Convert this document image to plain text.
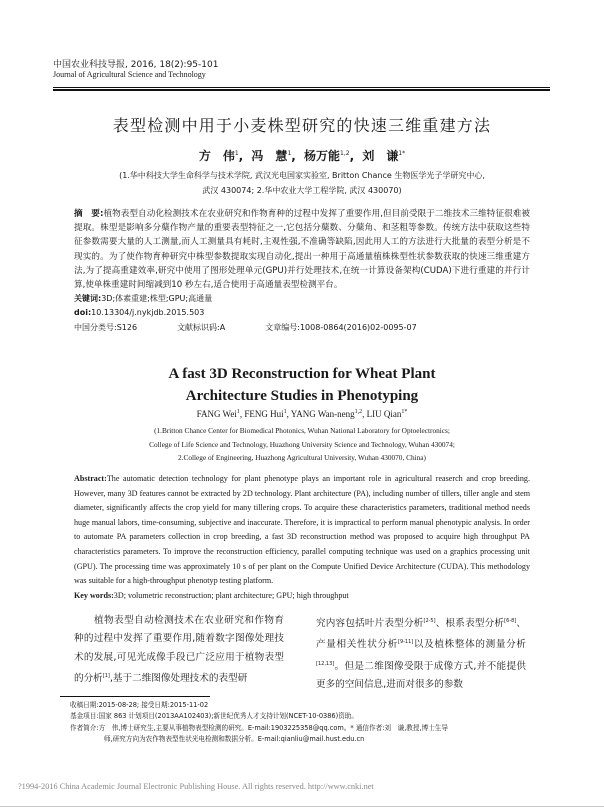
中国农业科技导报, 2016, 18(2):95-101
Journal of Agricultural Science and Technology
表型检测中用于小麦株型研究的快速三维重建方法
方　伟$^1$, 冯　慧$^1$, 杨万能$^{1,2}$, 刘　谦$^{1*}$
(1.华中科技大学生命科学与技术学院, 武汉光电国家实验室, Britton Chance 生物医学光子学研究中心,
武汉 430074; 2.华中农业大学工程学院, 武汉 430070)
摘　要:植物表型自动化检测技术在农业研究和作物育种的过程中发挥了重要作用,但目前受限于二维技术三维特征很难被提取。株型是影响多分蘖作物产量的重要表型特征之一,它包括分蘖数、分蘖角、和茎粗等参数。传统方法中获取这些特征参数需要大量的人工测量,而人工测量具有耗时,主观性强,不准确等缺陷,因此用人工的方法进行大批量的表型分析是不现实的。为了使作物育种研究中株型参数提取实现自动化,提出一种用于高通量植株株型性状参数获取的快速三维重建方法,为了提高重建效率,研究中使用了图形处理单元(GPU)并行处理技术,在统一计算设备架构(CUDA)下进行重建的并行计算,使单株重建时间缩减到10 秒左右,适合使用于高通量表型检测平台。
关键词:3D;体素重建;株型;GPU;高通量
doi:10.13304/j.nykjdb.2015.503
中国分类号:S126	文献标识码:A	文章编号:1008-0864(2016)02-0095-07
A fast 3D Reconstruction for Wheat Plant
Architecture Studies in Phenotyping
FANG Wei$^1$, FENG Hui$^1$, YANG Wan-neng$^{1,2}$, LIU Qian$^{1*}$
(1.Britton Chance Center for Biomedical Photonics, Wuhan National Laboratory for Optoelectronics;
College of Life Science and Technology, Huazhong University Science and Technology, Wuhan 430074;
2.College of Engineering, Huazhong Agricultural University, Wuhan 430070, China)
Abstract:The automatic detection technology for plant phenotype plays an important role in agricultural reaserch and crop breeding. However, many 3D features cannot be extracted by 2D technology. Plant architecture (PA), including number of tillers, tiller angle and stem diameter, significantly affects the crop yield for many tillering crops. To acquire these characteristics parameters, traditional method needs huge manual labors, time-consuming, subjective and inaccurate. Therefore, it is impractical to perform manual phenotypic analysis. In order to automate PA parameters collection in crop breeding, a fast 3D reconstruction method was proposed to acquire high throughput PA characteristics parameters. To improve the reconstruction efficiency, parallel computing technique was used on a graphics processing unit (GPU). The processing time was approximately 10 s of per plant on the Compute Unified Device Architecture (CUDA). This methodology was suitable for a high-throughput phenotyp testing platform.
Key words:3D; volumetric reconstruction; plant architecture; GPU; high throughput
植物表型自动检测技术在农业研究和作物育种的过程中发挥了重要作用,随着数字图像处理技术的发展,可见光成像手段已广泛应用于植物表型的分析[1],基于二维图像处理技术的表型研
究内容包括叶片表型分析[2-5]、根系表型分析[6-8]、产量相关性状分析[9-11]以及植株整体的测量分析[12,13]。但是二维图像受限于成像方式,并不能提供更多的空间信息,进而对很多的参数
收稿日期:2015-08-28; 接受日期:2015-11-02
基金项目:国家 863 计划项目(2013AA102403);新世纪优秀人才支持计划(NCET-10-0386)资助。
作者简介:方　伟,博士研究生,主要从事植物表型检测的研究。E-mail:1903225358@qq.com。* 通信作者:刘　谦,教授,博士生导
师,研究方向为农作物表型性状光电检测和数据分析。E-mail:qianliu@mail.hust.edu.cn
?1994-2016 China Academic Journal Electronic Publishing House. All rights reserved. http://www.cnki.net
